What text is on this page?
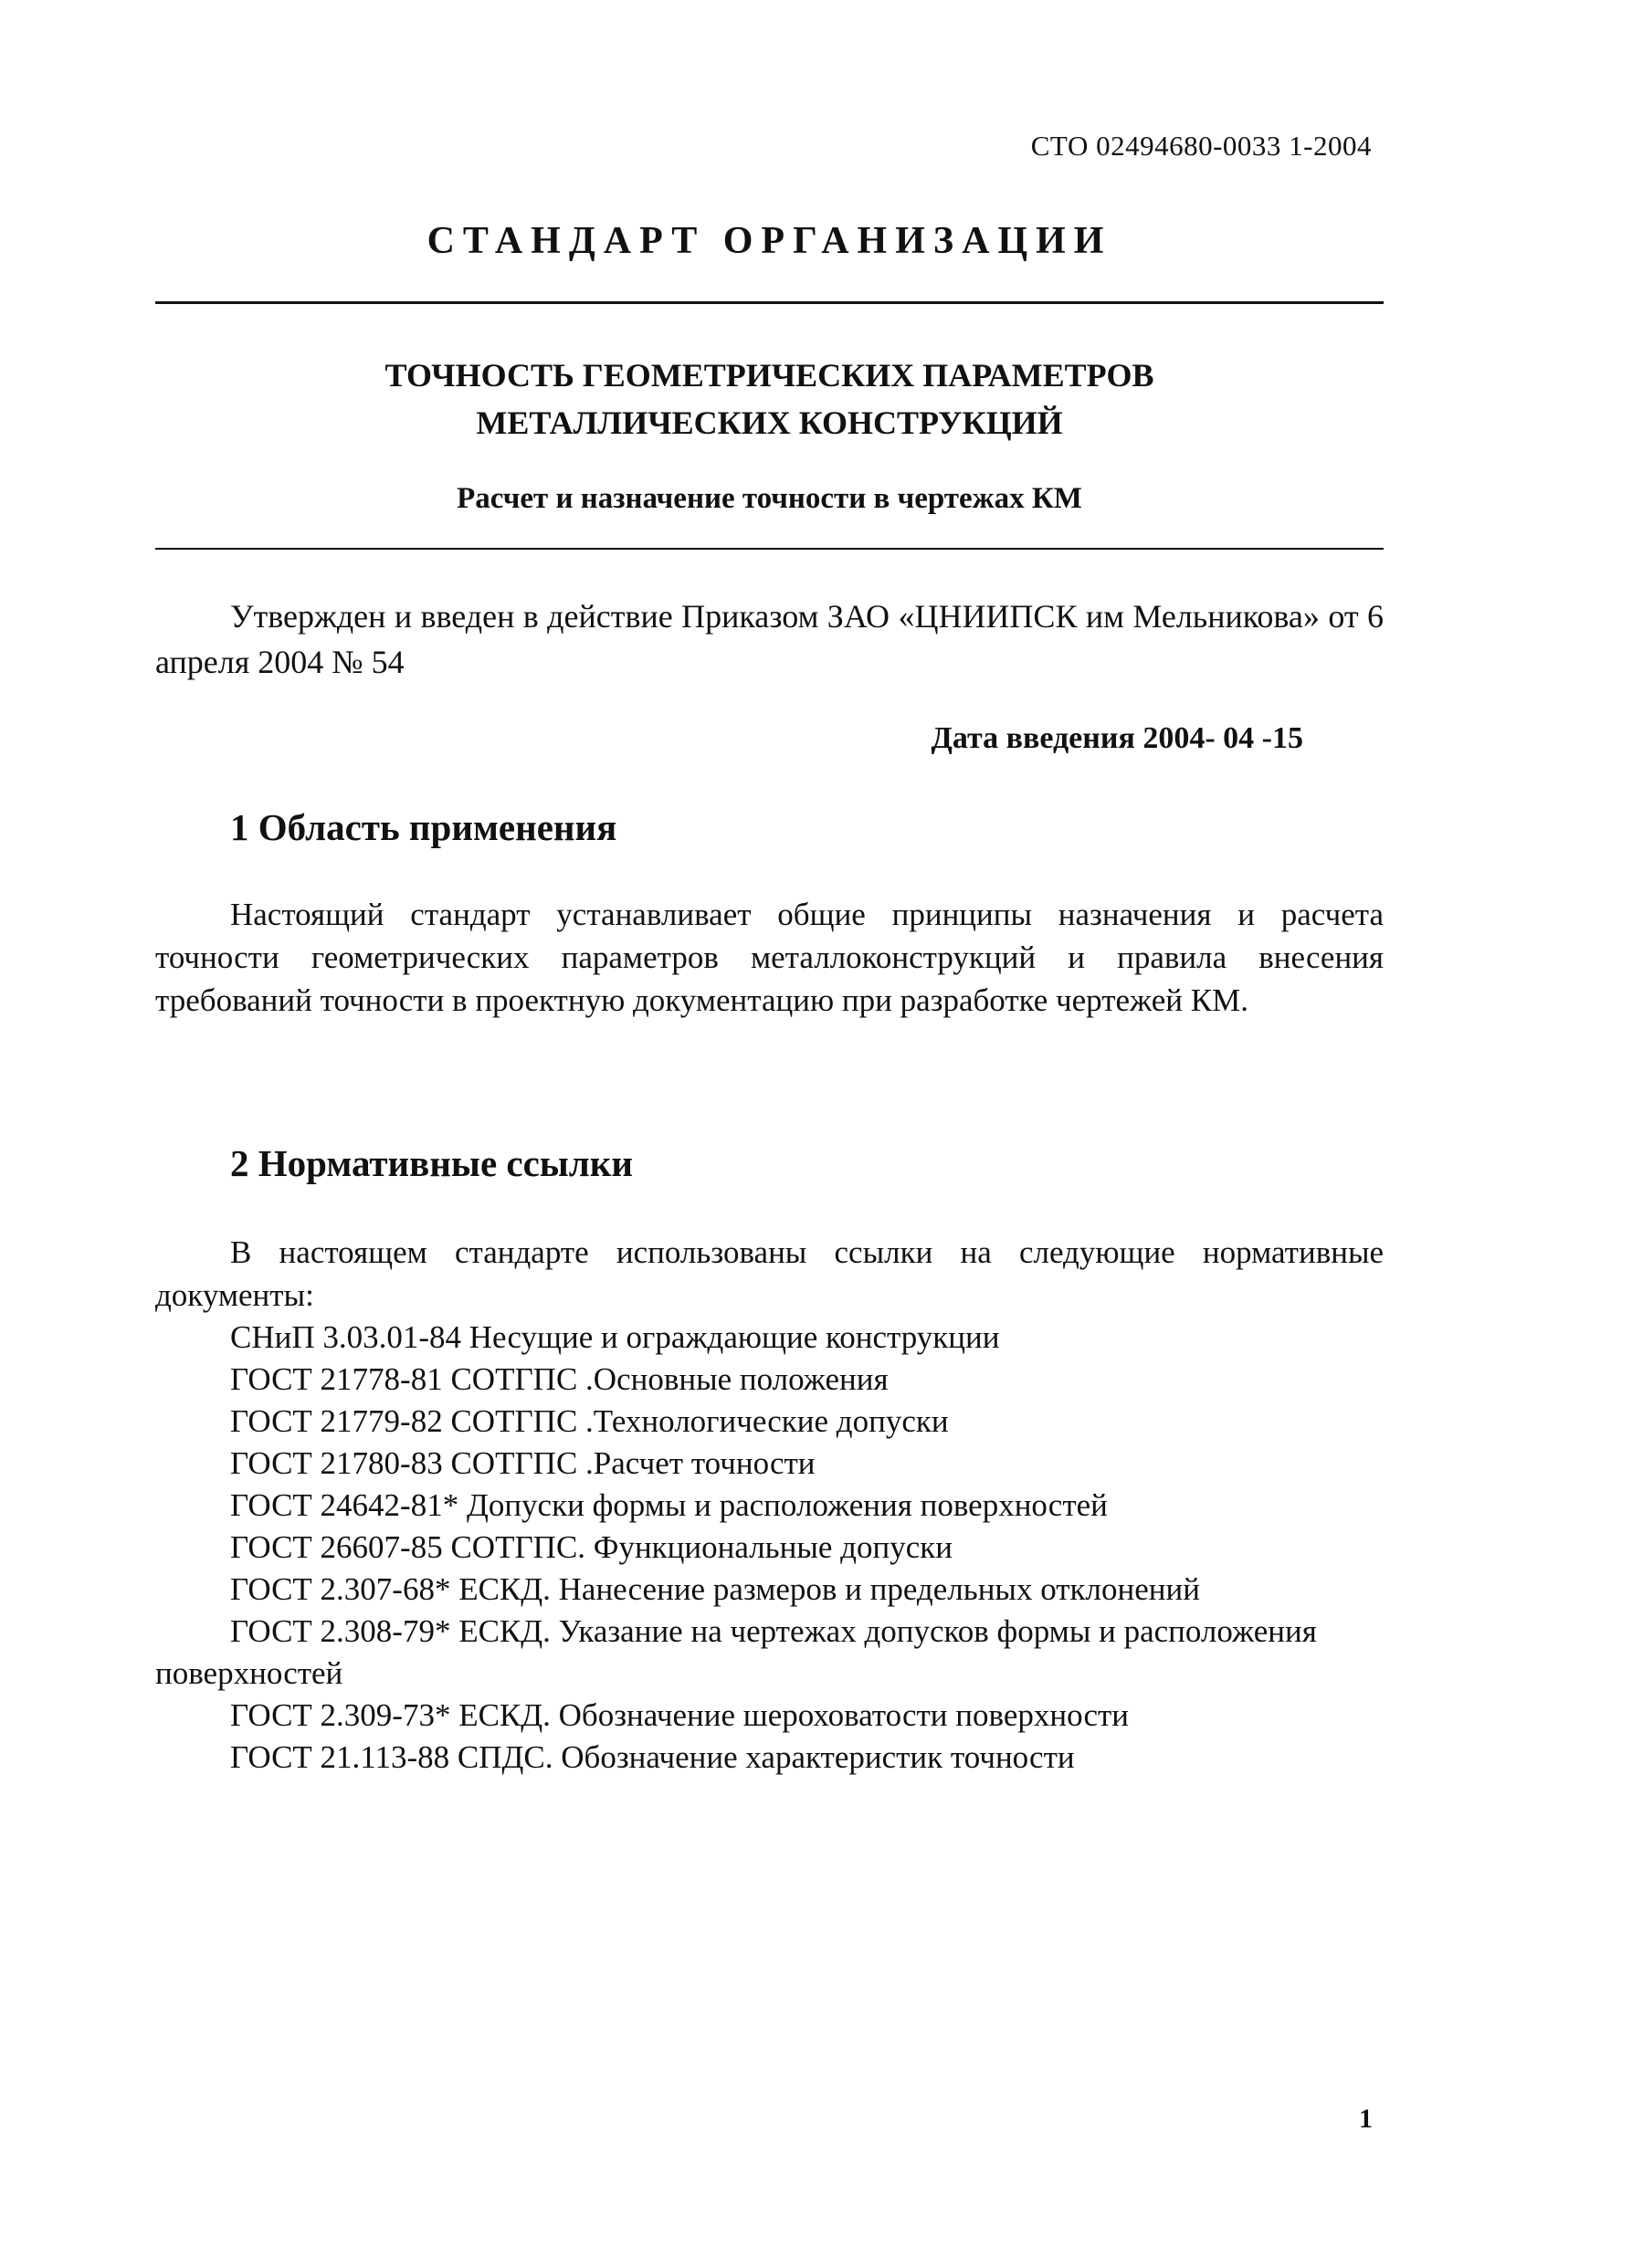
СТО 02494680-0033 1-2004
СТАНДАРТ ОРГАНИЗАЦИИ
ТОЧНОСТЬ ГЕОМЕТРИЧЕСКИХ ПАРАМЕТРОВ
МЕТАЛЛИЧЕСКИХ КОНСТРУКЦИЙ
Расчет и назначение точности в чертежах КМ
Утвержден и введен в действие Приказом ЗАО «ЦНИИПСК им Мельникова» от 6 апреля 2004 № 54
Дата введения 2004- 04 -15
1 Область применения
Настоящий стандарт устанавливает общие принципы назначения и расчета точности геометрических параметров металлоконструкций и правила внесения требований точности в проектную документацию при разработке чертежей КМ.
2 Нормативные ссылки
В настоящем стандарте использованы ссылки на следующие нормативные документы:
СНиП 3.03.01-84 Несущие и ограждающие конструкции
ГОСТ 21778-81 СОТГПС .Основные положения
ГОСТ 21779-82 СОТГПС .Технологические допуски
ГОСТ 21780-83 СОТГПС .Расчет точности
ГОСТ 24642-81* Допуски формы и расположения поверхностей
ГОСТ 26607-85 СОТГПС. Функциональные допуски
ГОСТ 2.307-68* ЕСКД. Нанесение размеров и предельных отклонений
ГОСТ 2.308-79* ЕСКД. Указание на чертежах допусков формы и расположения поверхностей
ГОСТ 2.309-73* ЕСКД. Обозначение шероховатости поверхности
ГОСТ 21.113-88 СПДС. Обозначение характеристик точности
1
